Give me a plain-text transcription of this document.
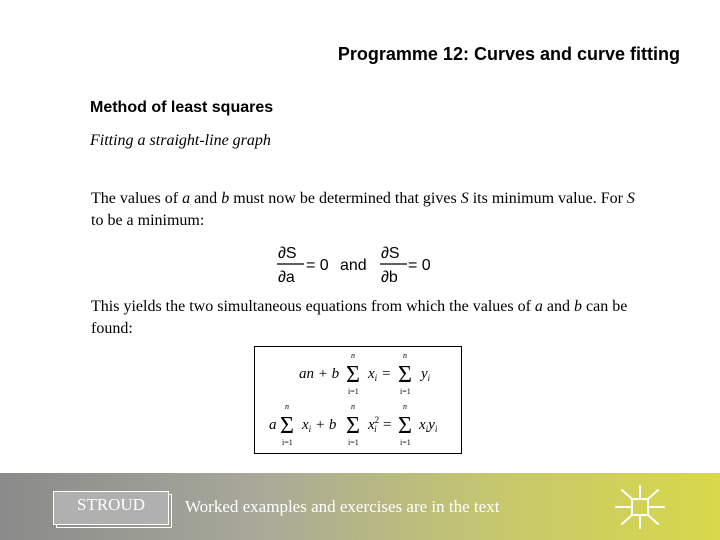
Programme 12: Curves and curve fitting
Method of least squares
Fitting a straight-line graph
The values of a and b must now be determined that gives S its minimum value. For S to be a minimum:
∂S
∂a
= 0 and
∂S
∂b
= 0
This yields the two simultaneous equations from which the values of a and b can be found:
an + b Σ
n
i=1
$x_i = \Sigma$
n
i=1
$y_i$
a Σ
n
i=1
$x_i + b$ Σ
n
i=1
$x^2$ i = Σ
n
i=1
$x_iy_i$
STROUD	Worked examples and exercises are in the text
